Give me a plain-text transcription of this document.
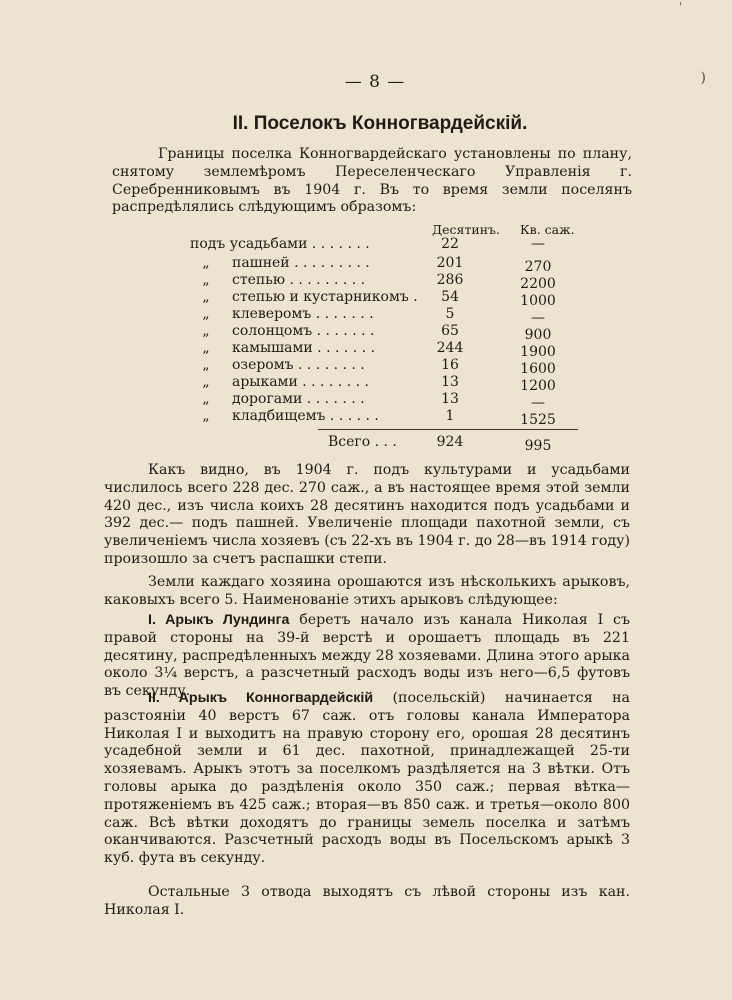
'
)
— 8 —
II. Поселокъ Конногвардейскій.

Границы поселка Конногвардейскаго установлены по плану, снятому землемѣромъ Переселенческаго Управленія г. Серебренниковымъ въ 1904 г. Въ то время земли поселянъ распредѣлялись слѣдующимъ образомъ:

Десятинъ. Кв. саж.
подъ усадьбами . . . . . . .	22	—
„ пашней . . . . . . . . .	201	270
„ степью . . . . . . . . .	286	2200
„ степью и кустарникомъ .	54	1000
„ клеверомъ . . . . . . .	5	—
„ солонцомъ . . . . . . .	65	900
„ камышами . . . . . . .	244	1900
„ озеромъ . . . . . . . .	16	1600
„ арыками . . . . . . . .	13	1200
„ дорогами . . . . . . .	13	—
„ кладбищемъ . . . . . .	1	1525
Всего . . .	924	995

Какъ видно, въ 1904 г. подъ культурами и усадьбами числилось всего 228 дес. 270 саж., а въ настоящее время этой земли 420 дес., изъ числа коихъ 28 десятинъ находится подъ усадьбами и 392 дес.— подъ пашней. Увеличеніе площади пахотной земли, съ увеличеніемъ числа хозяевъ (съ 22-хъ въ 1904 г. до 28—въ 1914 году) произошло за счетъ распашки степи.

Земли каждаго хозяина орошаются изъ нѣсколькихъ арыковъ, каковыхъ всего 5. Наименованіе этихъ арыковъ слѣдующее:

I. Арыкъ Лундинга беретъ начало изъ канала Николая I съ правой стороны на 39-й верстѣ и орошаетъ площадь въ 221 десятину, распредѣленныхъ между 28 хозяевами. Длина этого арыка около 3¼ верстъ, а разсчетный расходъ воды изъ него—6,5 футовъ въ секунду.

II. Арыкъ Конногвардейскій (посельскій) начинается на разстояніи 40 верстъ 67 саж. отъ головы канала Императора Николая I и выходитъ на правую сторону его, орошая 28 десятинъ усадебной земли и 61 дес. пахотной, принадлежащей 25-ти хозяевамъ. Арыкъ этотъ за поселкомъ раздѣляется на 3 вѣтки. Отъ головы арыка до раздѣленія около 350 саж.; первая вѣтка—протяженіемъ въ 425 саж.; вторая—въ 850 саж. и третья—около 800 саж. Всѣ вѣтки доходятъ до границы земель поселка и затѣмъ оканчиваются. Разсчетный расходъ воды въ Посельскомъ арыкѣ 3 куб. фута въ секунду.

Остальные 3 отвода выходятъ съ лѣвой стороны изъ кан. Николая I.
